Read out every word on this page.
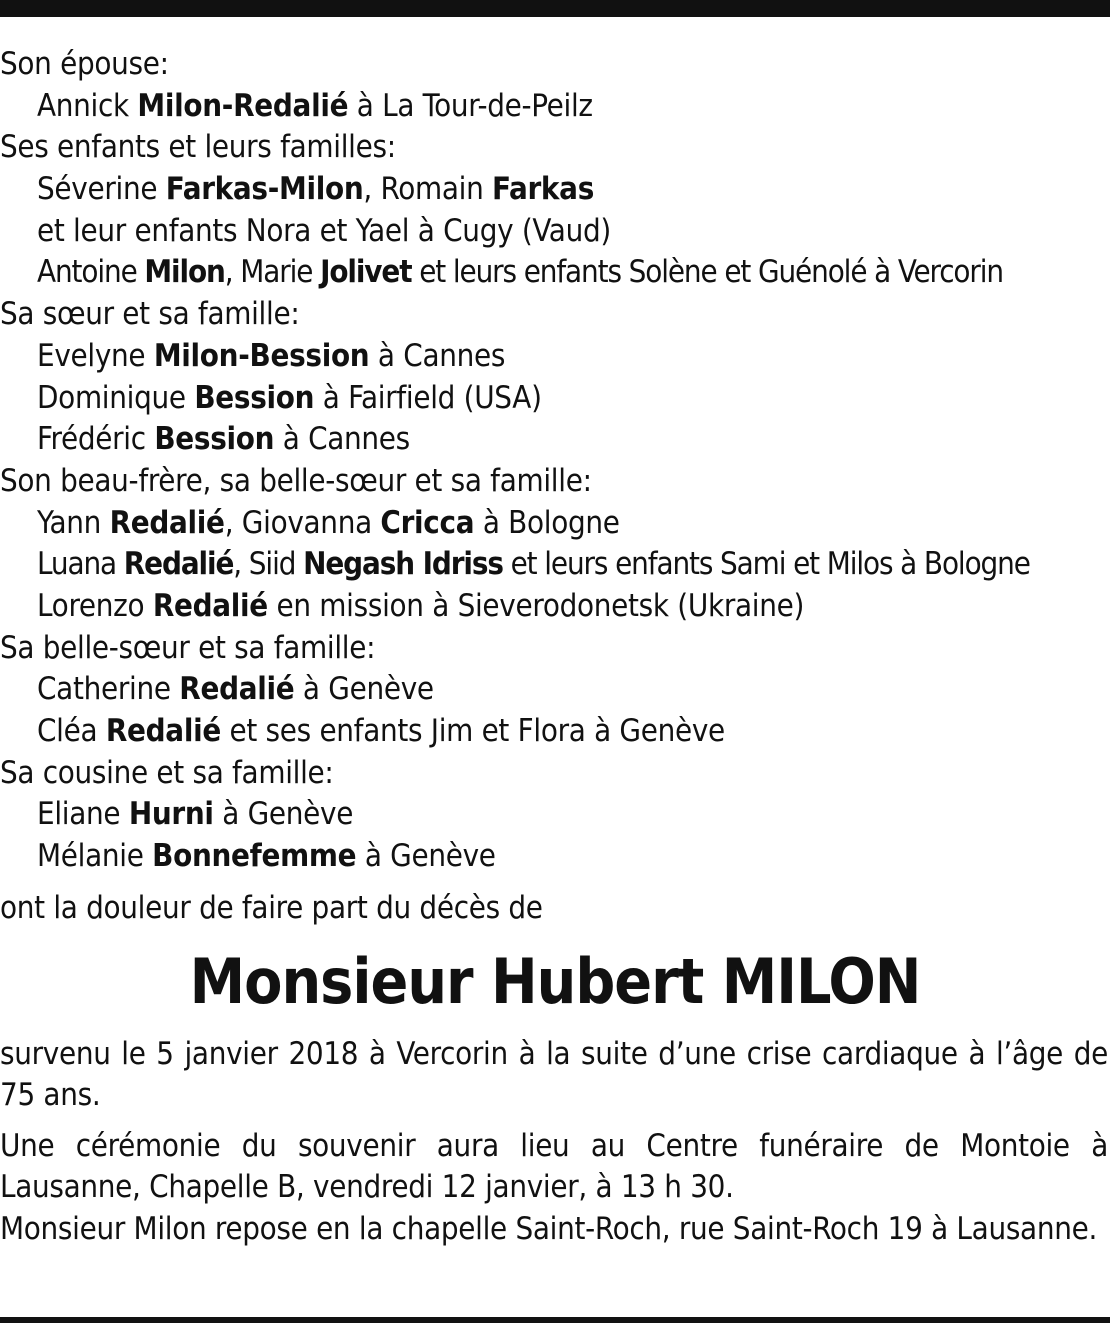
Son épouse:
Annick Milon-Redalié à La Tour-de-Peilz
Ses enfants et leurs familles:
Séverine Farkas-Milon, Romain Farkas
et leur enfants Nora et Yael à Cugy (Vaud)
Antoine Milon, Marie Jolivet et leurs enfants Solène et Guénolé à Vercorin
Sa sœur et sa famille:
Evelyne Milon-Bession à Cannes
Dominique Bession à Fairfield (USA)
Frédéric Bession à Cannes
Son beau-frère, sa belle-sœur et sa famille:
Yann Redalié, Giovanna Cricca à Bologne
Luana Redalié, Siid Negash Idriss et leurs enfants Sami et Milos à Bologne
Lorenzo Redalié en mission à Sieverodonetsk (Ukraine)
Sa belle-sœur et sa famille:
Catherine Redalié à Genève
Cléa Redalié et ses enfants Jim et Flora à Genève
Sa cousine et sa famille:
Eliane Hurni à Genève
Mélanie Bonnefemme à Genève
ont la douleur de faire part du décès de
Monsieur Hubert MILON
survenu le 5 janvier 2018 à Vercorin à la suite d’une crise cardiaque à l’âge de 75 ans.
Une cérémonie du souvenir aura lieu au Centre funéraire de Montoie à Lausanne, Chapelle B, vendredi 12 janvier, à 13 h 30.
Monsieur Milon repose en la chapelle Saint-Roch, rue Saint-Roch 19 à Lausanne.
